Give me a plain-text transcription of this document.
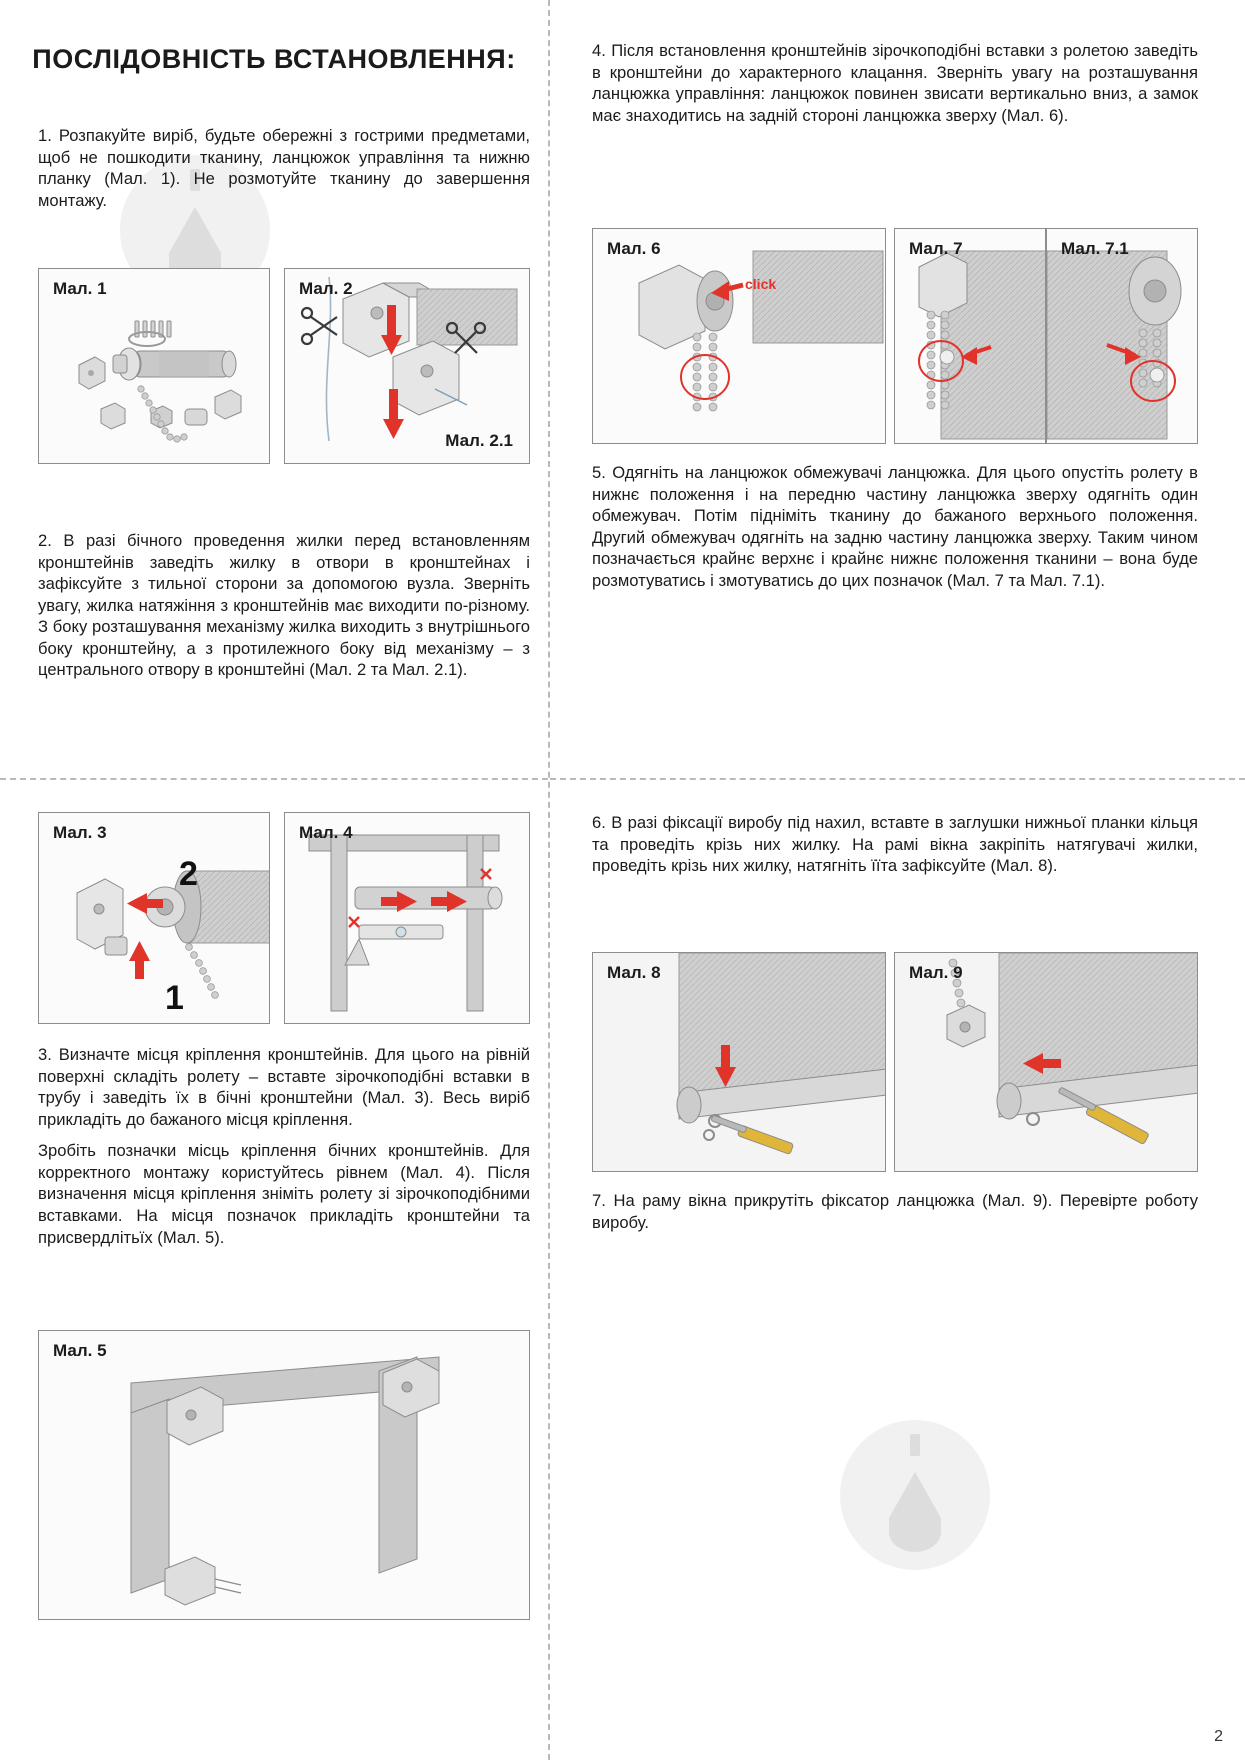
ПОСЛІДОВНІСТЬ ВСТАНОВЛЕННЯ:

1. Розпакуйте виріб, будьте обережні з гострими предметами, щоб не пошкодити тканину, ланцюжок управління та нижню планку (Мал. 1). Не розмотуйте тканину до завершення монтажу.

Мал. 1	Мал. 2
Мал. 2.1

2. В разі бічного проведення жилки перед встановленням кронштейнів заведіть жилку в отвори в кронштейнах і зафіксуйте з тильної сторони за допомогою вузла. Зверніть увагу, жилка натяжіння з кронштейнів має виходити по-різному. З боку розташування механізму жилка виходить з внутрішнього боку кронштейну, а з протилежного боку від механізму – з центрального отвору в кронштейні (Мал. 2 та Мал. 2.1).

Мал. 3
2
1
Мал. 4

3. Визначте місця кріплення кронштейнів. Для цього на рівній поверхні складіть ролету – вставте зірочкоподібні вставки в трубу і заведіть їх в бічні кронштейни (Мал. 3). Весь виріб прикладіть до бажаного місця кріплення.

Зробіть позначки місць кріплення бічних кронштейнів. Для корректного монтажу користуйтесь рівнем (Мал. 4). Після визначення місця кріплення зніміть ролету зі зірочкоподібними вставками. На місця позначок прикладіть кронштейни та присвердлітьїх (Мал. 5).

Мал. 5

4. Після встановлення кронштейнів зірочкоподібні вставки з ролетою заведіть в кронштейни до характерного клацання. Зверніть увагу на розташування ланцюжка управління: ланцюжок повинен звисати вертикально вниз, а замок має знаходитись на задній стороні ланцюжка зверху (Мал. 6).

Мал. 6
click
Мал. 7	Мал. 7.1

5. Одягніть на ланцюжок обмежувачі ланцюжка. Для цього опустіть ролету в нижнє положення і на передню частину ланцюжка зверху одягніть один обмежувач. Потім підніміть тканину до бажаного верхнього положення. Другий обмежувач одягніть на задню частину ланцюжка зверху. Таким чином позначається крайнє верхнє і крайнє нижнє положення тканини – вона буде розмотуватись і змотуватись до цих позначок (Мал. 7 та Мал. 7.1).

6. В разі фіксації виробу під нахил, вставте в заглушки нижньої планки кільця та проведіть крізь них жилку. На рамі вікна закріпіть натягувачі жилки, проведіть крізь них жилку, натягніть їїта зафіксуйте (Мал. 8).

Мал. 8	Мал. 9

7. На раму вікна прикрутіть фіксатор ланцюжка (Мал. 9). Перевірте роботу виробу.

2
